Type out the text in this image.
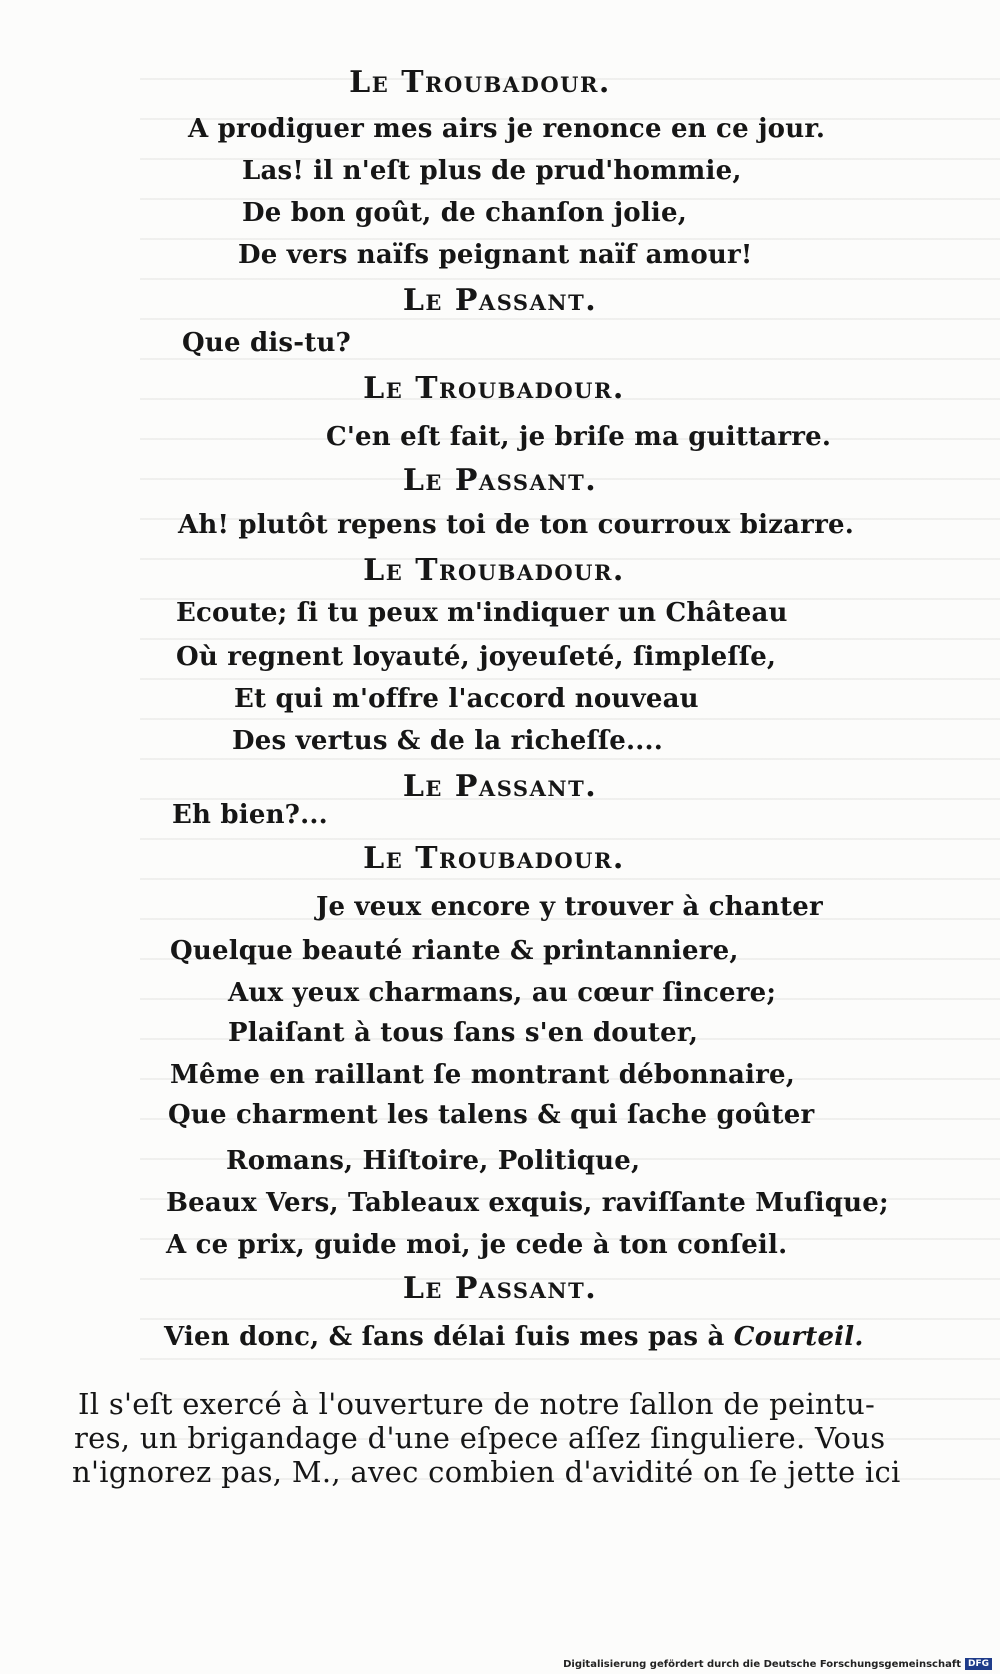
Le Troubadour.
A prodiguer mes airs je renonce en ce jour.
Las! il n'eſt plus de prud'hommie,
De bon goût, de chanſon jolie,
De vers naïfs peignant naïf amour!
Le Passant.
Que dis-tu?
Le Troubadour.
C'en eſt fait, je briſe ma guittarre.
Le Passant.
Ah! plutôt repens toi de ton courroux bizarre.
Le Troubadour.
Ecoute; ſi tu peux m'indiquer un Château
Où regnent loyauté, joyeuſeté, ſimpleſſe,
Et qui m'offre l'accord nouveau
Des vertus & de la richeſſe....
Le Passant.
Eh bien?...
Le Troubadour.
Je veux encore y trouver à chanter
Quelque beauté riante & printanniere,
Aux yeux charmans, au cœur ſincere;
Plaiſant à tous ſans s'en douter,
Même en raillant ſe montrant débonnaire,
Que charment les talens & qui ſache goûter
Romans, Hiſtoire, Politique,
Beaux Vers, Tableaux exquis, raviſſante Muſique;
A ce prix, guide moi, je cede à ton conſeil.
Le Passant.
Vien donc, & ſans délai ſuis mes pas à Courteil.
Il s'eſt exercé à l'ouverture de notre ſallon de peintu-
res, un brigandage d'une eſpece aſſez ſinguliere. Vous
n'ignorez pas, M., avec combien d'avidité on ſe jette ici
Digitalisierung gefördert durch die Deutsche Forschungsgemeinschaft DFG
